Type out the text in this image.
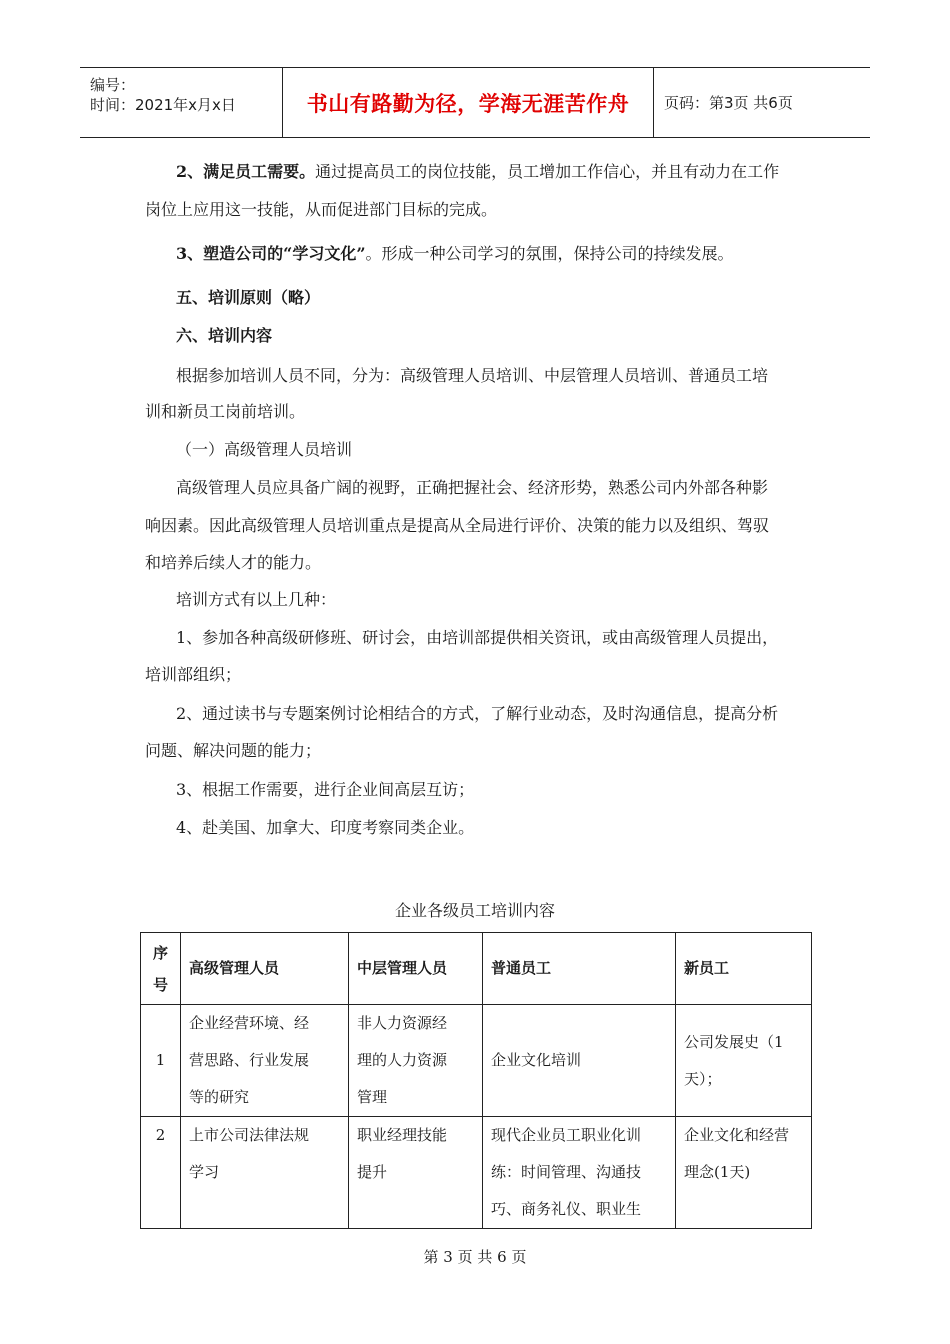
编号：
时间：2021年x月x日	书山有路勤为径，学海无涯苦作舟	页码：第3页 共6页
2、满足员工需要。通过提高员工的岗位技能，员工增加工作信心，并且有动力在工作
岗位上应用这一技能，从而促进部门目标的完成。
3、塑造公司的“学习文化”。形成一种公司学习的氛围，保持公司的持续发展。
五、培训原则（略）
六、培训内容
根据参加培训人员不同，分为：高级管理人员培训、中层管理人员培训、普通员工培
训和新员工岗前培训。
（一）高级管理人员培训
高级管理人员应具备广阔的视野，正确把握社会、经济形势，熟悉公司内外部各种影
响因素。因此高级管理人员培训重点是提高从全局进行评价、决策的能力以及组织、驾驭
和培养后续人才的能力。
培训方式有以上几种：
1、参加各种高级研修班、研讨会，由培训部提供相关资讯，或由高级管理人员提出，
培训部组织；
2、通过读书与专题案例讨论相结合的方式，了解行业动态，及时沟通信息，提高分析
问题、解决问题的能力；
3、根据工作需要，进行企业间高层互访；
4、赴美国、加拿大、印度考察同类企业。
企业各级员工培训内容
序
号	高级管理人员	中层管理人员	普通员工	新员工
1	企业经营环境、经
营思路、行业发展
等的研究	非人力资源经
理的人力资源
管理	企业文化培训	公司发展史（1
天）；
2	上市公司法律法规
学习	职业经理技能
提升	现代企业员工职业化训
练：时间管理、沟通技
巧、商务礼仪、职业生	企业文化和经营
理念(1天)
第 3 页 共 6 页
